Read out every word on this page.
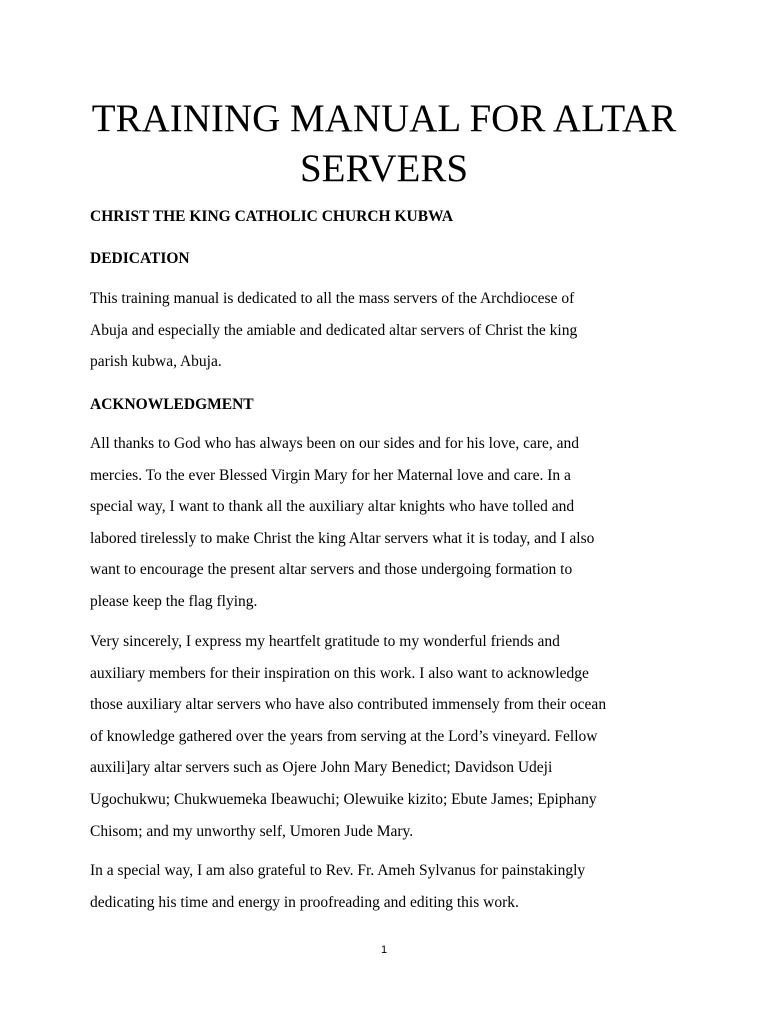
TRAINING MANUAL FOR ALTAR
SERVERS
CHRIST THE KING CATHOLIC CHURCH KUBWA
DEDICATION

This training manual is dedicated to all the mass servers of the Archdiocese of
Abuja and especially the amiable and dedicated altar servers of Christ the king
parish kubwa, Abuja.

ACKNOWLEDGMENT

All thanks to God who has always been on our sides and for his love, care, and
mercies. To the ever Blessed Virgin Mary for her Maternal love and care. In a
special way, I want to thank all the auxiliary altar knights who have tolled and
labored tirelessly to make Christ the king Altar servers what it is today, and I also
want to encourage the present altar servers and those undergoing formation to
please keep the flag flying.

Very sincerely, I express my heartfelt gratitude to my wonderful friends and
auxiliary members for their inspiration on this work. I also want to acknowledge
those auxiliary altar servers who have also contributed immensely from their ocean
of knowledge gathered over the years from serving at the Lord’s vineyard. Fellow
auxili]ary altar servers such as Ojere John Mary Benedict; Davidson Udeji
Ugochukwu; Chukwuemeka Ibeawuchi; Olewuike kizito; Ebute James; Epiphany
Chisom; and my unworthy self, Umoren Jude Mary.

In a special way, I am also grateful to Rev. Fr. Ameh Sylvanus for painstakingly
dedicating his time and energy in proofreading and editing this work.

1
